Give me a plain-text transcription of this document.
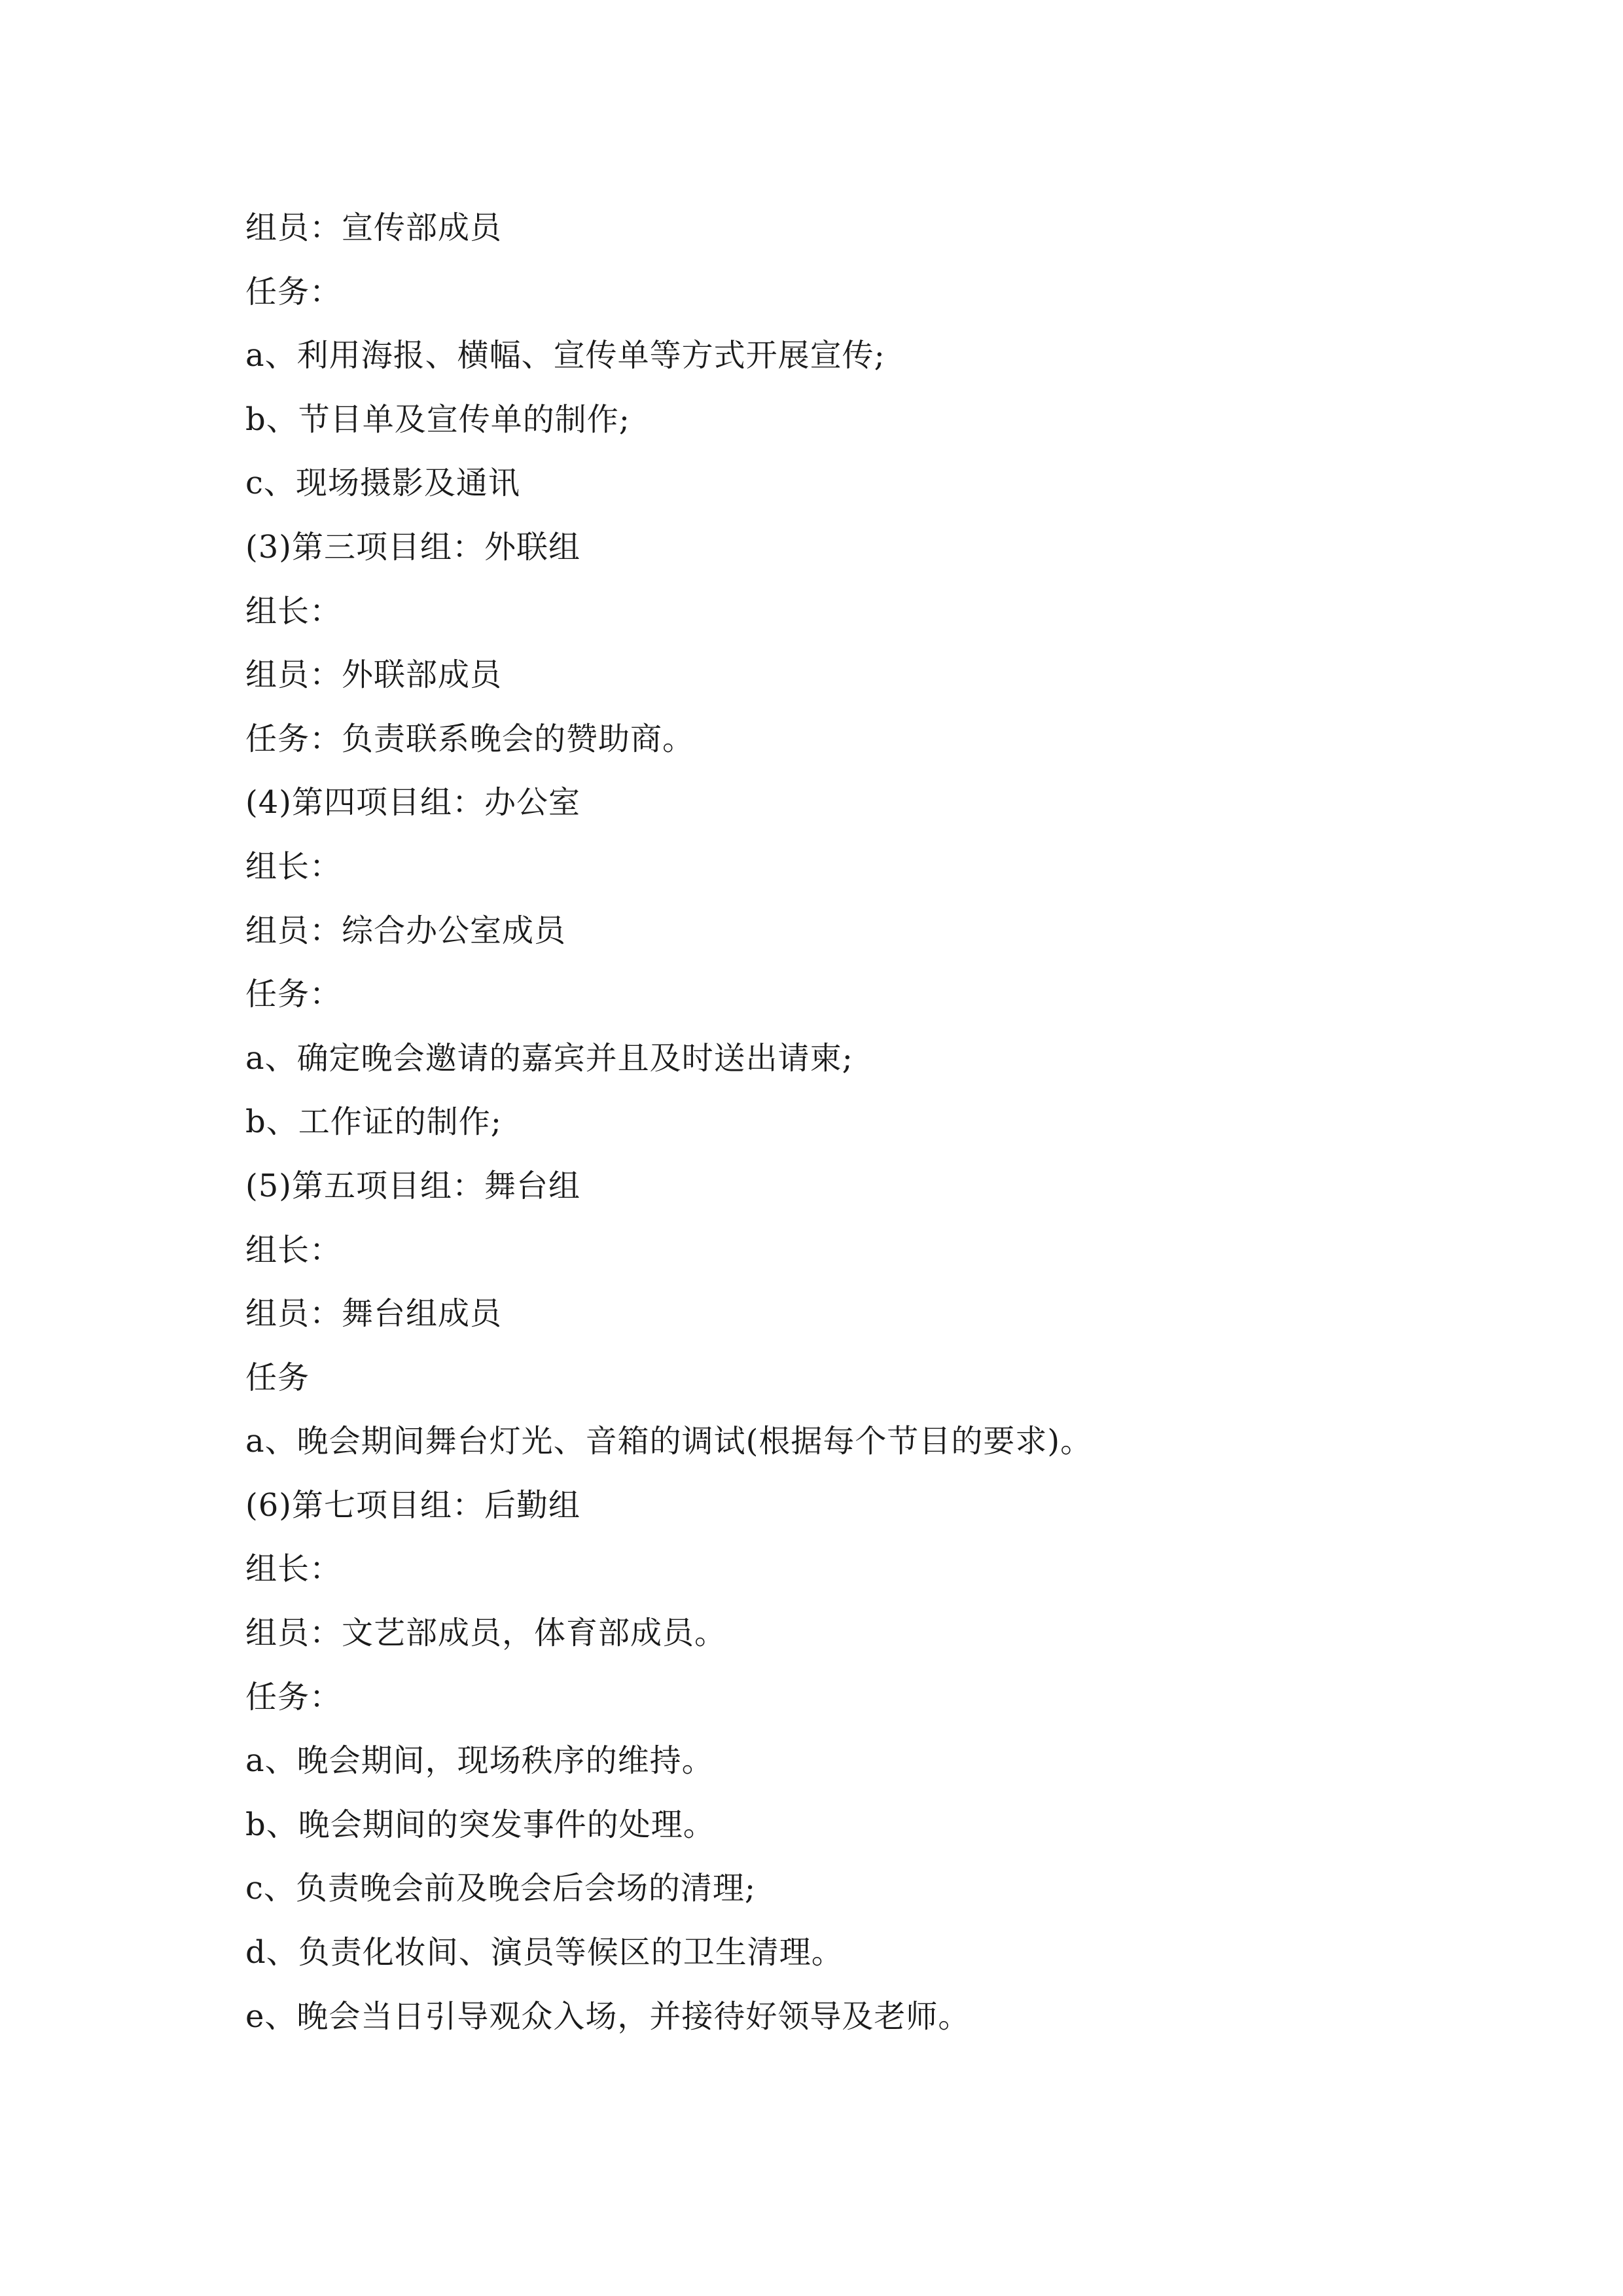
组员：宣传部成员
任务：
a、利用海报、横幅、宣传单等方式开展宣传;
b、节目单及宣传单的制作;
c、现场摄影及通讯
(3)第三项目组：外联组
组长：
组员：外联部成员
任务：负责联系晚会的赞助商。
(4)第四项目组：办公室
组长：
组员：综合办公室成员
任务：
a、确定晚会邀请的嘉宾并且及时送出请柬;
b、工作证的制作;
(5)第五项目组：舞台组
组长：
组员：舞台组成员
任务
a、晚会期间舞台灯光、音箱的调试(根据每个节目的要求)。
(6)第七项目组：后勤组
组长：
组员：文艺部成员，体育部成员。
任务：
a、晚会期间，现场秩序的维持。
b、晚会期间的突发事件的处理。
c、负责晚会前及晚会后会场的清理;
d、负责化妆间、演员等候区的卫生清理。
e、晚会当日引导观众入场，并接待好领导及老师。
